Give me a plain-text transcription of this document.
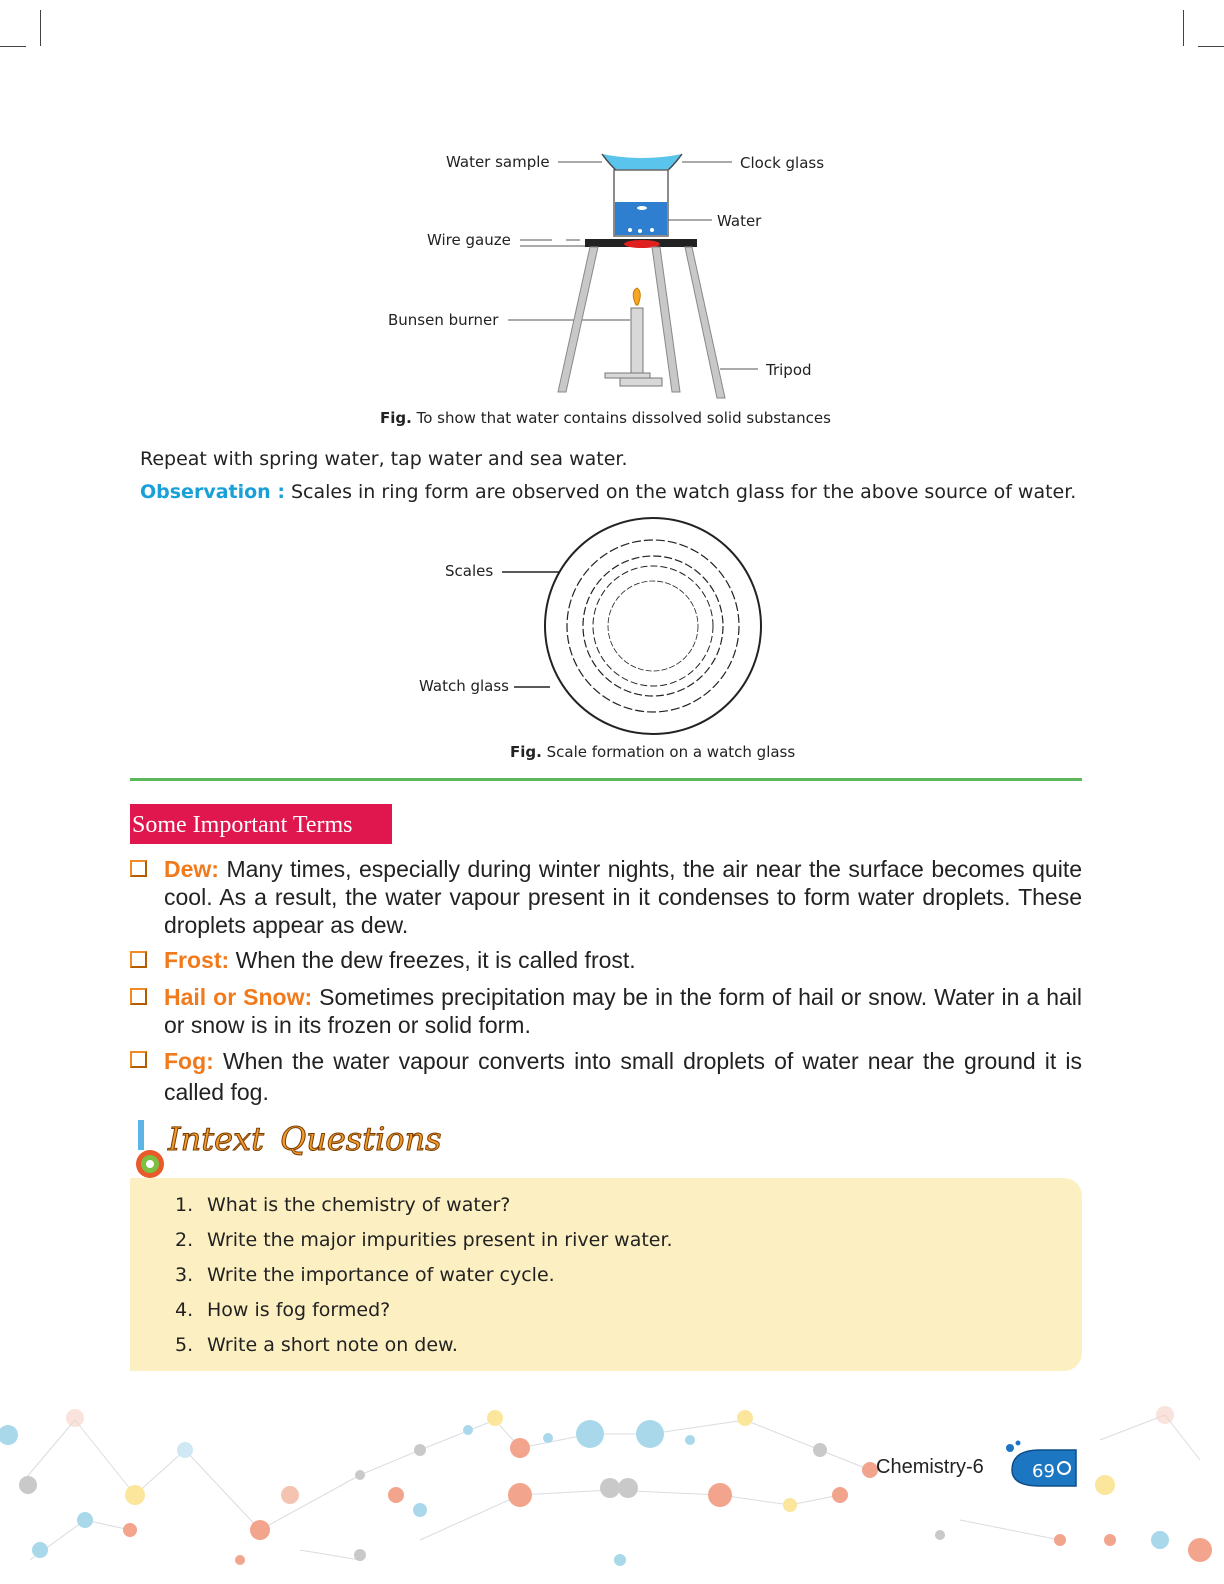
Water sample	Clock glass
Water
Wire gauze
Bunsen burner
Tripod
Fig. To show that water contains dissolved solid substances
Repeat with spring water, tap water and sea water.
Observation : Scales in ring form are observed on the watch glass for the above source of water.
Scales
Watch glass
Fig. Scale formation on a watch glass
Some Important Terms
Dew: Many times, especially during winter nights, the air near the surface becomes quite cool. As a result, the water vapour present in it condenses to form water droplets. These droplets appear as dew.
Frost: When the dew freezes, it is called frost.
Hail or Snow: Sometimes precipitation may be in the form of hail or snow. Water in a hail or snow is in its frozen or solid form.
Fog: When the water vapour converts into small droplets of water near the ground it is called fog.
Intext Questions
1. What is the chemistry of water?
2. Write the major impurities present in river water.
3. Write the importance of water cycle.
4. How is fog formed?
5. Write a short note on dew.
Chemistry-6	69
